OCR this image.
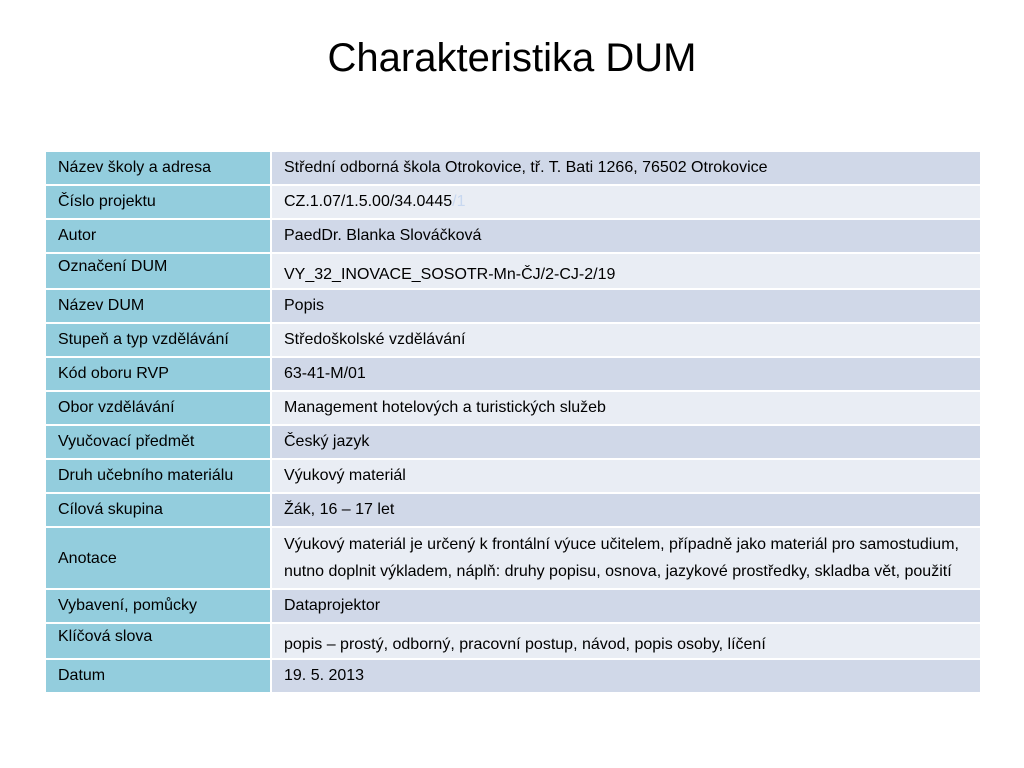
Charakteristika DUM
Název školy a adresa	Střední odborná škola Otrokovice, tř. T. Bati 1266, 76502 Otrokovice
Číslo projektu	CZ.1.07/1.5.00/34.0445/1
Autor	PaedDr. Blanka Slováčková
Označení DUM	VY_32_INOVACE_SOSOTR-Mn-ČJ/2-CJ-2/19
Název DUM	Popis
Stupeň a typ vzdělávání	Středoškolské vzdělávání
Kód oboru RVP	63-41-M/01
Obor vzdělávání	Management hotelových a turistických služeb
Vyučovací předmět	Český jazyk
Druh učebního materiálu	Výukový materiál
Cílová skupina	Žák, 16 – 17 let
Anotace	Výukový materiál je určený k frontální výuce učitelem, případně jako materiál pro samostudium, nutno doplnit výkladem, náplň: druhy popisu, osnova, jazykové prostředky, skladba vět, použití
Vybavení, pomůcky	Dataprojektor
Klíčová slova	popis – prostý, odborný, pracovní postup, návod, popis osoby, líčení
Datum	19. 5. 2013
